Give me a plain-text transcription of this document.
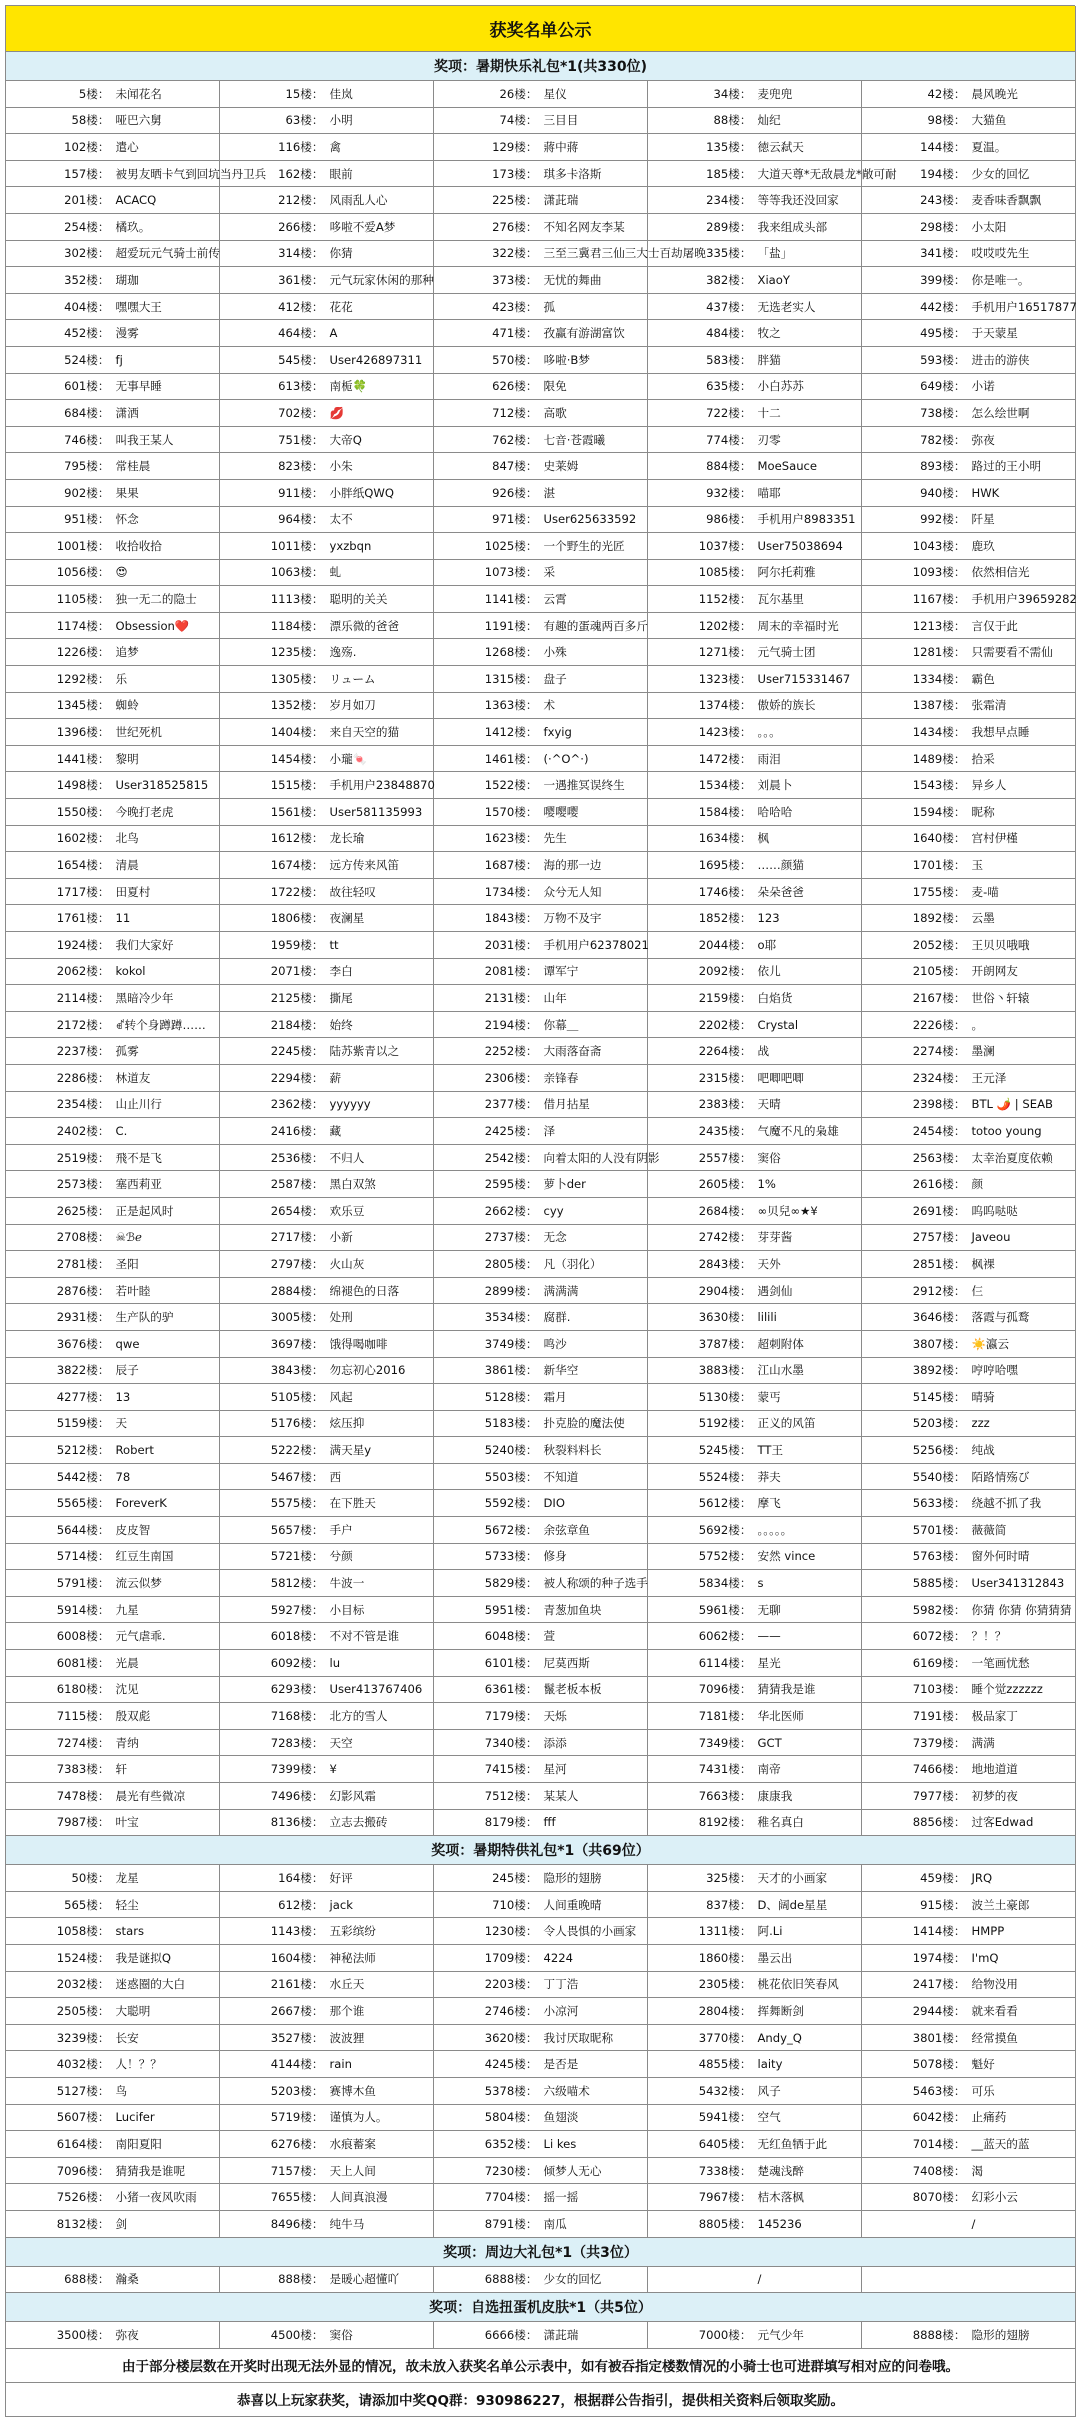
获奖名单公示
奖项：暑期快乐礼包*1(共330位)
5楼： 未闻花名	15楼： 佳岚	26楼： 星仪	34楼： 麦兜兜	42楼： 晨风晚光
58楼： 哑巴六舅	63楼： 小明	74楼： 三目目	88楼： 灿纪	98楼： 大猫鱼
102楼： 遣心	116楼： 禽	129楼： 蔣中蔣	135楼： 徳云弑天	144楼： 夏温。
157楼： 被男友晒卡气到回坑当丹卫兵	162楼： 眼前	173楼： 琪多卡洛斯	185楼： 大道天尊*无敌晨龙*敞可耐	194楼： 少女的回忆
201楼： ACACQ	212楼： 风雨乱人心	225楼： 潇茈瑞	234楼： 等等我还没回家	243楼： 麦香味香飘飘
254楼： 橘玖。	266楼： 哆啦不爱A梦	276楼： 不知名网友李某	289楼： 我来组成头部	298楼： 小太阳
302楼： 超爱玩元气骑士前传	314楼： 你猜	322楼： 三至三冀君三仙三大士百劫屠晚 335楼： 「盐」	341楼： 哎哎哎先生
352楼： 瑚珈	361楼： 元气玩家休闲的那种	373楼： 无忧的舞曲	382楼： XiaoY	399楼： 你是唯一。
404楼： 嘿嘿大王	412楼： 花花	423楼： 孤	437楼： 无选老实人	442楼： 手机用户16517877
452楼： 漫雾	464楼： A	471楼： 孜赢有游湖富饮	484楼： 牧之	495楼： 于天蒙星
524楼： fj	545楼： User426897311	570楼： 哆啦·B梦	583楼： 胖猫	593楼： 进击的游侠
601楼： 无事早睡	613楼： 南栀🍀	626楼： 限免	635楼： 小白苏苏	649楼： 小诺
684楼： 潇洒	702楼： 💋	712楼： 高歌	722楼： 十二	738楼： 怎么绘世啊
746楼： 叫我王某人	751楼： 大帝Q	762楼： 七音·苍霞曦	774楼： 刃零	782楼： 弥夜
795楼： 常桂晨	823楼： 小朱	847楼： 史莱姆	884楼： MoeSauce	893楼： 路过的王小明
902楼： 果果	911楼： 小胖纸QWQ	926楼： 湛	932楼： 喵耶	940楼： HWK
951楼： 怀念	964楼： 太不	971楼： User625633592	986楼： 手机用户8983351	992楼： 阡星
1001楼： 收拾收拾	1011楼： yxzbqn	1025楼： 一个野生的光匠	1037楼： User75038694	1043楼： 鹿玖
1056楼： 😍	1063楼： 虬	1073楼： 采	1085楼： 阿尔托莉雅	1093楼： 依然相信光
1105楼： 独一无二的隐士	1113楼： 聪明的关关	1141楼： 云霄	1152楼： 瓦尔基里	1167楼： 手机用户39659282
1174楼： Obsession❤️	1184楼： 漂乐微的爸爸	1191楼： 有趣的蛋魂两百多斤	1202楼： 周末的幸福时光	1213楼： 言仅于此
1226楼： 追梦	1235楼： 逸殇.	1268楼： 小殊	1271楼： 元气骑士团	1281楼： 只需要看不需仙
1292楼： 乐	1305楼： リューム	1315楼： 盘子	1323楼： User715331467	1334楼： 霸色
1345楼： 蜘蛉	1352楼： 岁月如刀	1363楼： 术	1374楼： 傲娇的族长	1387楼： 张霜清
1396楼： 世纪死机	1404楼： 来自天空的猫	1412楼： fxyig	1423楼： 。。。	1434楼： 我想早点睡
1441楼： 黎明	1454楼： 小瓏🍬	1461楼： (·^O^·)	1472楼： 雨泪	1489楼： 拾采
1498楼： User318525815	1515楼： 手机用户23848870	1522楼： 一遇推冥误终生	1534楼： 刘晨卜	1543楼： 异乡人
1550楼： 今晚打老虎	1561楼： User581135993	1570楼： 嘤嘤嘤	1584楼： 哈哈哈	1594楼： 昵称
1602楼： 北鸟	1612楼： 龙长瑜	1623楼： 先生	1634楼： 枫	1640楼： 宫村伊槿
1654楼： 清晨	1674楼： 远方传来风笛	1687楼： 海的那一边	1695楼： ……颜猫	1701楼： 玉
1717楼： 田夏村	1722楼： 故往轻叹	1734楼： 众兮无人知	1746楼： 朵朵爸爸	1755楼： 麦-喵
1761楼： 11	1806楼： 夜澜星	1843楼： 万物不及宇	1852楼： 123	1892楼： 云墨
1924楼： 我们大家好	1959楼： tt	2031楼： 手机用户62378021	2044楼： o耶	2052楼： 王贝贝哦哦
2062楼： kokol	2071楼： 李白	2081楼： 谭军宁	2092楼： 依儿	2105楼： 开朗网友
2114楼： 黑暗冷少年	2125楼： 撕尾	2131楼： 山年	2159楼： 白焰货	2167楼： 世俗丶轩辕
2172楼： ꑱ转个身蹲蹲……	2184楼： 始终	2194楼： 你幕＿	2202楼： Crystal	2226楼： 。
2237楼： 孤雾	2245楼： 陆苏紫青以之	2252楼： 大雨落奋斋	2264楼： 战	2274楼： 墨澜
2286楼： 林道友	2294楼： 薪	2306楼： 亲锋春	2315楼： 吧唧吧唧	2324楼： 王元泽
2354楼： 山止川行	2362楼： yyyyyy	2377楼： 借月拈星	2383楼： 天晴	2398楼： BTL 🌶️ | SEAB
2402楼： C.	2416楼： 藏	2425楼： 泽	2435楼： 气魔不凡的枭雄	2454楼： totoo young
2519楼： 飛不是飞	2536楼： 不归人	2542楼： 向着太阳的人没有阴影	2557楼： 窦俗	2563楼： 太幸治夏度依赖
2573楼： 塞西莉亚	2587楼： 黑白双煞	2595楼： 萝卜der	2605楼： 1%	2616楼： 颜
2625楼： 正是起风时	2654楼： 欢乐豆	2662楼： cyy	2684楼： ∞贝兒∞★¥	2691楼： 呜呜哒哒
2708楼： ☠ℬℯ	2717楼： 小新	2737楼： 无念	2742楼： 芽芽酱	2757楼： Javeou
2781楼： 圣阳	2797楼： 火山灰	2805楼： 凡（羽化）	2843楼： 天外	2851楼： 枫裸
2876楼： 若叶睦	2884楼： 绵褪色的日落	2899楼： 满满满	2904楼： 遇剑仙	2912楼： 仨
2931楼： 生产队的驴	3005楼： 处刑	3534楼： 腐群.	3630楼： lilili	3646楼： 落霞与孤鹜
3676楼： qwe	3697楼： 饿得喝咖啡	3749楼： 鸣沙	3787楼： 超刺附体	3807楼： ☀️瀛云
3822楼： 辰子	3843楼： 勿忘初心2016	3861楼： 新华空	3883楼： 江山水墨	3892楼： 哼哼哈嘿
4277楼： 13	5105楼： 风起	5128楼： 霜月	5130楼： 蒙丐	5145楼： 晴骑
5159楼： 天	5176楼： 炫压抑	5183楼： 扑克脸的魔法使	5192楼： 正义的风笛	5203楼： zzz
5212楼： Robert	5222楼： 满天星y	5240楼： 秋裂料料长	5245楼： TT王	5256楼： 纯战
5442楼： 78	5467楼： 西	5503楼： 不知道	5524楼： 莽夫	5540楼： 陌路情殇び
5565楼： ForeverK	5575楼： 在下胜天	5592楼： DIO	5612楼： 摩飞	5633楼： 绕越不抓了我
5644楼： 皮皮智	5657楼： 手户	5672楼： 余弦章鱼	5692楼： 。。。。。	5701楼： 薇薇简
5714楼： 红豆生南国	5721楼： 兮颜	5733楼： 修身	5752楼： 安然 vince	5763楼： 窗外何时晴
5791楼： 流云似梦	5812楼： 牛波一	5829楼： 被人称颂的种子选手	5834楼： s	5885楼： User341312843
5914楼： 九星	5927楼： 小目标	5951楼： 青葱加鱼块	5961楼： 无聊	5982楼： 你猜 你猜 你猜猜猜
6008楼： 元气虐乖.	6018楼： 不对不管是谁	6048楼： 萱	6062楼： ——	6072楼： ？！？
6081楼： 光晨	6092楼： lu	6101楼： 尼莫西斯	6114楼： 星光	6169楼： 一笔画忧愁
6180楼： 沈见	6293楼： User413767406	6361楼： 鬣老板本板	7096楼： 猜猜我是谁	7103楼： 睡个觉zzzzzz
7115楼： 殷双彪	7168楼： 北方的雪人	7179楼： 天烁	7181楼： 华北医师	7191楼： 极品家丁
7274楼： 青纳	7283楼： 天空	7340楼： 添添	7349楼： GCT	7379楼： 满满
7383楼： 轩	7399楼： ¥	7415楼： 星河	7431楼： 南帝	7466楼： 地地道道
7478楼： 晨光有些微凉	7496楼： 幻影风霜	7512楼： 某某人	7663楼： 康康我	7977楼： 初梦的夜
7987楼： 叶宝	8136楼： 立志去搬砖	8179楼： fff	8192楼： 稚名真白	8856楼： 过客Edwad
奖项：暑期特供礼包*1（共69位）
50楼： 龙星	164楼： 好评	245楼： 隐形的翅膀	325楼： 天才的小画家	459楼： JRQ
565楼： 轻尘	612楼： jack	710楼： 人间重晚晴	837楼： D、阔de星星	915楼： 波兰土豪郎
1058楼： stars	1143楼： 五彩缤纷	1230楼： 令人畏惧的小画家	1311楼： 阿.Li	1414楼： HMPP
1524楼： 我是谜拟Q	1604楼： 神秘法师	1709楼： 4224	1860楼： 墨云出	1974楼： I'mQ
2032楼： 迷惑圈的大白	2161楼： 水丘天	2203楼： 丁丁浩	2305楼： 桃花依旧笑春风	2417楼： 给物没用
2505楼： 大聪明	2667楼： 那个谁	2746楼： 小凉河	2804楼： 挥舞断剑	2944楼： 就来看看
3239楼： 长安	3527楼： 波波狸	3620楼： 我讨厌取昵称	3770楼： Andy_Q	3801楼： 经常摸鱼
4032楼： 人！？？	4144楼： rain	4245楼： 是否是	4855楼： laity	5078楼： 魁好
5127楼： 鸟	5203楼： 赛博木鱼	5378楼： 六级喵术	5432楼： 风子	5463楼： 可乐
5607楼： Lucifer	5719楼： 谨慎为人。	5804楼： 鱼翅淡	5941楼： 空气	6042楼： 止痛药
6164楼： 南阳夏阳	6276楼： 水痕蓄案	6352楼： Li kes	6405楼： 无红鱼牺于此	7014楼： __蓝天的蓝
7096楼： 猜猜我是谁呢	7157楼： 天上人间	7230楼： 倾梦人无心	7338楼： 楚魂浅醉	7408楼： 渴
7526楼： 小猪一夜风吹雨	7655楼： 人间真浪漫	7704楼： 摇一摇	7967楼： 桔木落枫	8070楼： 幻彩小云
8132楼： 剑	8496楼： 纯牛马	8791楼： 南瓜	8805楼： 145236	/
奖项：周边大礼包*1（共3位）
688楼： 瀚桑	888楼： 是暖心超懂吖	6888楼： 少女的回忆	/
奖项：自选扭蛋机皮肤*1（共5位）
3500楼： 弥夜	4500楼： 窦俗	6666楼： 潇茈瑞	7000楼： 元气少年	8888楼： 隐形的翅膀
由于部分楼层数在开奖时出现无法外显的情况，故未放入获奖名单公示表中，如有被吞指定楼数情况的小骑士也可进群填写相对应的问卷哦。
恭喜以上玩家获奖，请添加中奖QQ群：930986227，根据群公告指引，提供相关资料后领取奖励。
